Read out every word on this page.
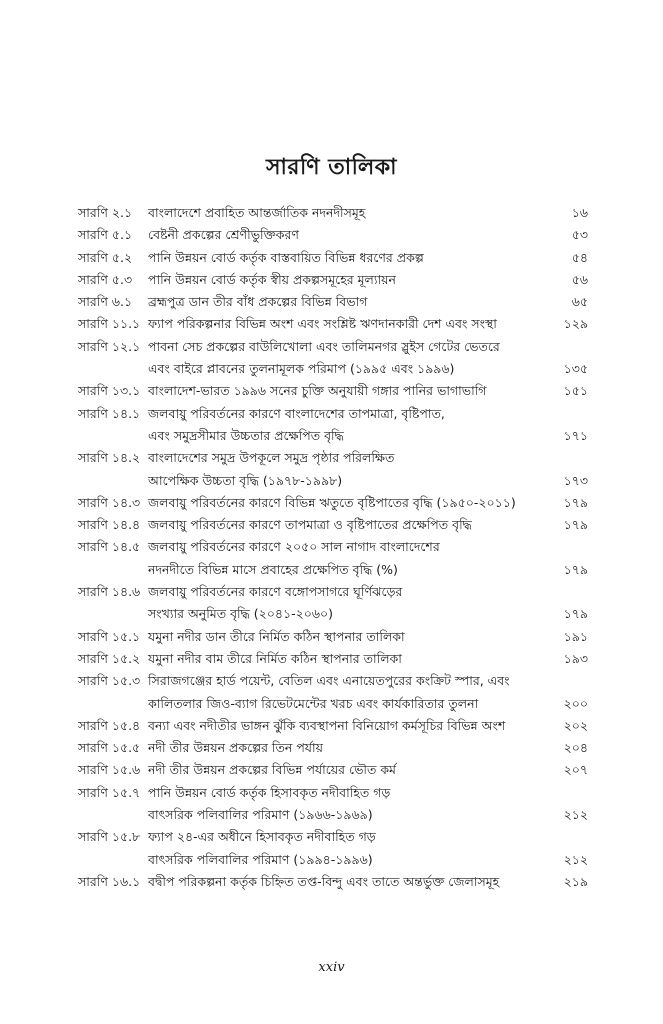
সারণি তালিকা
সারণি ২.১	বাংলাদেশে প্রবাহিত আন্তর্জাতিক নদনদীসমূহ	১৬
সারণি ৫.১	বেষ্টনী প্রকল্পের শ্রেণীভুক্তিকরণ	৫৩
সারণি ৫.২	পানি উন্নয়ন বোর্ড কর্তৃক বাস্তবায়িত বিভিন্ন ধরণের প্রকল্প	৫৪
সারণি ৫.৩	পানি উন্নয়ন বোর্ড কর্তৃক স্বীয় প্রকল্পসমূহের মূল্যায়ন	৫৬
সারণি ৬.১	ব্রহ্মপুত্র ডান তীর বাঁধ প্রকল্পের বিভিন্ন বিভাগ	৬৫
সারণি ১১.১ ফ্যাপ পরিকল্পনার বিভিন্ন অংশ এবং সংশ্লিষ্ট ঋণদানকারী দেশ এবং সংস্থা	১২৯
সারণি ১২.১ পাবনা সেচ প্রকল্পের বাউলিখোলা এবং তালিমনগর স্লুইস গেটের ভেতরে
এবং বাইরে প্লাবনের তুলনামূলক পরিমাপ (১৯৯৫ এবং ১৯৯৬)	১৩৫
সারণি ১৩.১ বাংলাদেশ-ভারত ১৯৯৬ সনের চুক্তি অনুযায়ী গঙ্গার পানির ভাগাভাগি	১৫১
সারণি ১৪.১ জলবায়ু পরিবর্তনের কারণে বাংলাদেশের তাপমাত্রা, বৃষ্টিপাত,
এবং সমুদ্রসীমার উচ্চতার প্রক্ষেপিত বৃদ্ধি	১৭১
সারণি ১৪.২ বাংলাদেশের সমুদ্র উপকূলে সমুদ্র পৃষ্ঠার পরিলক্ষিত
আপেক্ষিক উচ্চতা বৃদ্ধি (১৯৭৮-১৯৯৮)	১৭৩
সারণি ১৪.৩ জলবায়ু পরিবর্তনের কারণে বিভিন্ন ঋতুতে বৃষ্টিপাতের বৃদ্ধি (১৯৫০-২০১১)	১৭৯
সারণি ১৪.৪ জলবায়ু পরিবর্তনের কারণে তাপমাত্রা ও বৃষ্টিপাতের প্রক্ষেপিত বৃদ্ধি	১৭৯
সারণি ১৪.৫ জলবায়ু পরিবর্তনের কারণে ২০৫০ সাল নাগাদ বাংলাদেশের
নদনদীতে বিভিন্ন মাসে প্রবাহের প্রক্ষেপিত বৃদ্ধি (%)	১৭৯
সারণি ১৪.৬ জলবায়ু পরিবর্তনের কারণে বঙ্গোপসাগরে ঘূর্ণিঝড়ের
সংখ্যার অনুমিত বৃদ্ধি (২০৪১-২০৬০)	১৭৯
সারণি ১৫.১ যমুনা নদীর ডান তীরে নির্মিত কঠিন স্থাপনার তালিকা	১৯১
সারণি ১৫.২ যমুনা নদীর বাম তীরে নির্মিত কঠিন স্থাপনার তালিকা	১৯৩
সারণি ১৫.৩ সিরাজগঞ্জের হার্ড পয়েন্ট, বেতিল এবং এনায়েতপুরের কংক্রিট স্পার, এবং
কালিতলার জিও-ব্যাগ রিভেটমেন্টের খরচ এবং কার্যকারিতার তুলনা	২০০
সারণি ১৫.৪ বন্যা এবং নদীতীর ভাঙ্গন ঝুঁকি ব্যবস্থাপনা বিনিয়োগ কর্মসূচির বিভিন্ন অংশ	২০২
সারণি ১৫.৫ নদী তীর উন্নয়ন প্রকল্পের তিন পর্যায়	২০৪
সারণি ১৫.৬ নদী তীর উন্নয়ন প্রকল্পের বিভিন্ন পর্যায়ের ভৌত কর্ম	২০৭
সারণি ১৫.৭ পানি উন্নয়ন বোর্ড কর্তৃক হিসাবকৃত নদীবাহিত গড়
বাৎসরিক পলিবালির পরিমাণ (১৯৬৬-১৯৬৯)	২১২
সারণি ১৫.৮ ফ্যাপ ২৪-এর অধীনে হিসাবকৃত নদীবাহিত গড়
বাৎসরিক পলিবালির পরিমাণ (১৯৯৪-১৯৯৬)	২১২
সারণি ১৬.১ বদ্বীপ পরিকল্পনা কর্তৃক চিহ্নিত তপ্ত-বিন্দু এবং তাতে অন্তর্ভুক্ত জেলাসমূহ	২১৯
xxiv
